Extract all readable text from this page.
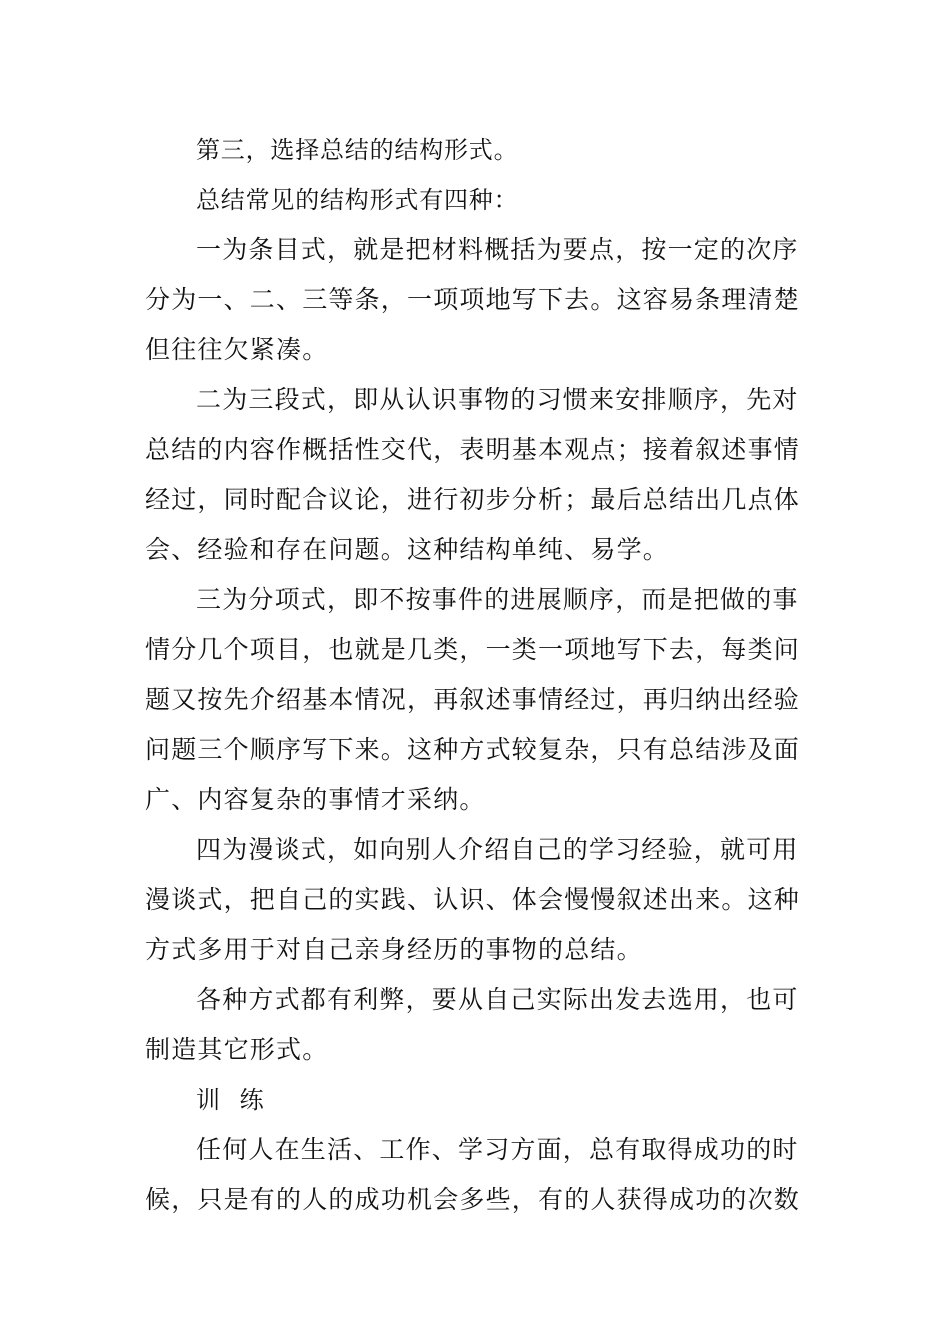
第三，选择总结的结构形式。
总结常见的结构形式有四种：
一为条目式，就是把材料概括为要点，按一定的次序
分为一、二、三等条，一项项地写下去。这容易条理清楚
但往往欠紧凑。
二为三段式，即从认识事物的习惯来安排顺序，先对
总结的内容作概括性交代，表明基本观点；接着叙述事情
经过，同时配合议论，进行初步分析；最后总结出几点体
会、经验和存在问题。这种结构单纯、易学。
三为分项式，即不按事件的进展顺序，而是把做的事
情分几个项目，也就是几类，一类一项地写下去，每类问
题又按先介绍基本情况，再叙述事情经过，再归纳出经验
问题三个顺序写下来。这种方式较复杂，只有总结涉及面
广、内容复杂的事情才采纳。
四为漫谈式，如向别人介绍自己的学习经验，就可用
漫谈式，把自己的实践、认识、体会慢慢叙述出来。这种
方式多用于对自己亲身经历的事物的总结。
各种方式都有利弊，要从自己实际出发去选用，也可
制造其它形式。
训 练
任何人在生活、工作、学习方面，总有取得成功的时
候，只是有的人的成功机会多些，有的人获得成功的次数
